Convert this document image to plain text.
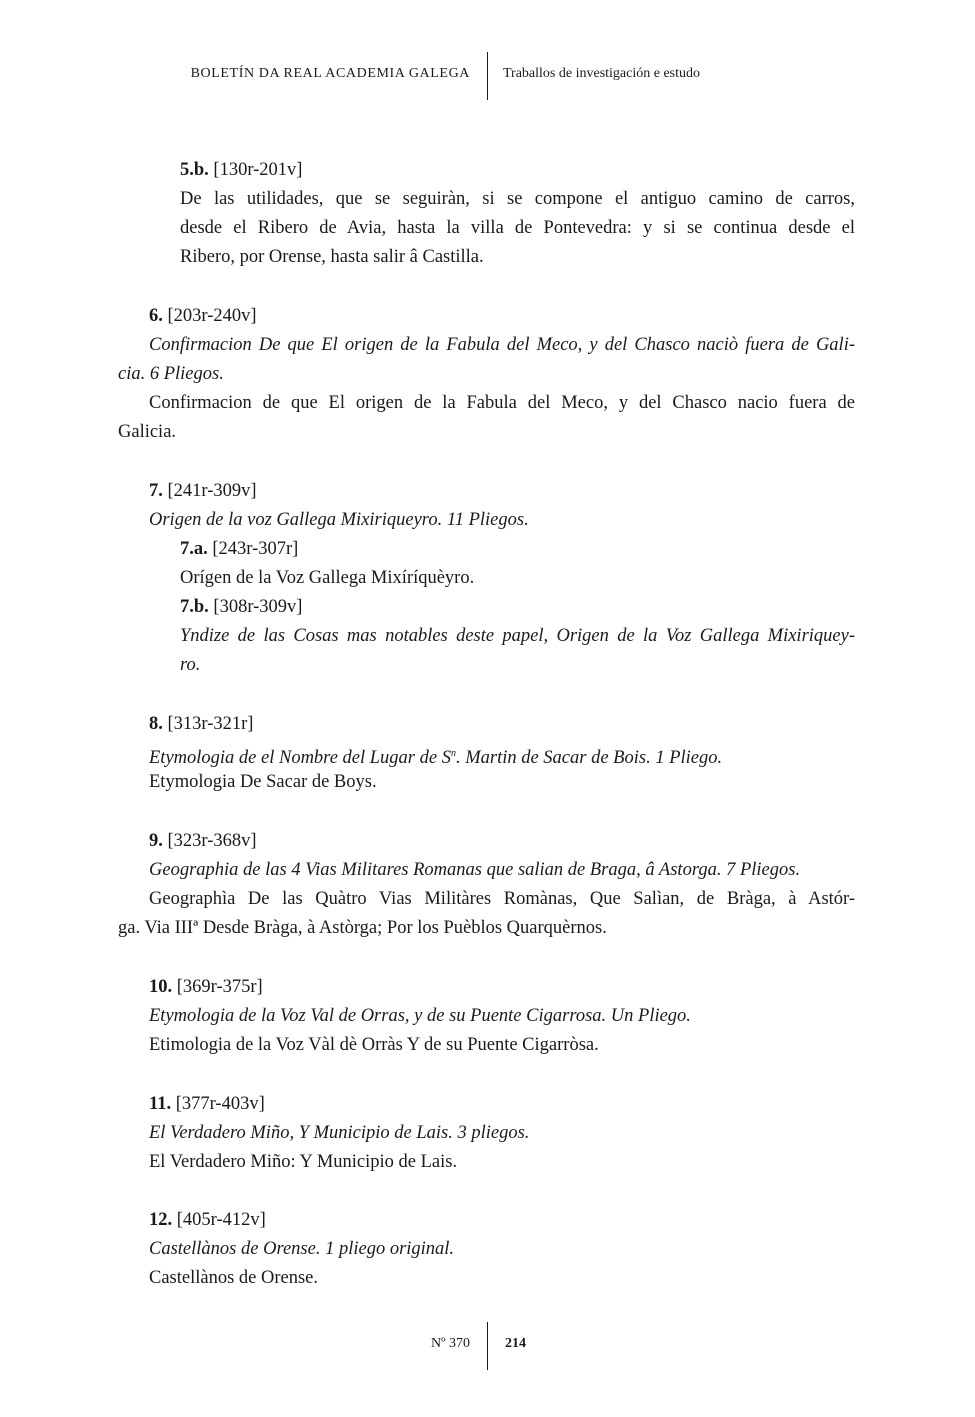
BOLETÍN DA REAL ACADEMIA GALEGA Traballos de investigación e estudo
5.b. [130r-201v]
De las utilidades, que se seguiràn, si se compone el antiguo camino de carros,
desde el Ribero de Avia, hasta la villa de Pontevedra: y si se continua desde el
Ribero, por Orense, hasta salir â Castilla.
6. [203r-240v]
Confirmacion De que El origen de la Fabula del Meco, y del Chasco naciò fuera de Gali-
cia. 6 Pliegos.
Confirmacion de que El origen de la Fabula del Meco, y del Chasco nacio fuera de
Galicia.
7. [241r-309v]
Origen de la voz Gallega Mixiriqueyro. 11 Pliegos.
7.a. [243r-307r]
Orígen de la Voz Gallega Mixíríquèyro.
7.b. [308r-309v]
Yndize de las Cosas mas notables deste papel, Origen de la Voz Gallega Mixiriquey-
ro.
8. [313r-321r]
Etymologia de el Nombre del Lugar de $S^n$. Martin de Sacar de Bois. 1 Pliego.
Etymologia De Sacar de Boys.
9. [323r-368v]
Geographia de las 4 Vias Militares Romanas que salian de Braga, â Astorga. 7 Pliegos.
Geographìa De las Quàtro Vias Militàres Romànas, Que Salìan, de Bràga, à Astór-
ga. Via IIIª Desde Bràga, à Astòrga; Por los Puèblos Quarquèrnos.
10. [369r-375r]
Etymologia de la Voz Val de Orras, y de su Puente Cigarrosa. Un Pliego.
Etimologia de la Voz Vàl dè Orràs Y de su Puente Cigarròsa.
11. [377r-403v]
El Verdadero Miño, Y Municipio de Lais. 3 pliegos.
El Verdadero Miño: Y Municipio de Lais.
12. [405r-412v]
Castellànos de Orense. 1 pliego original.
Castellànos de Orense.
Nº 370	214
